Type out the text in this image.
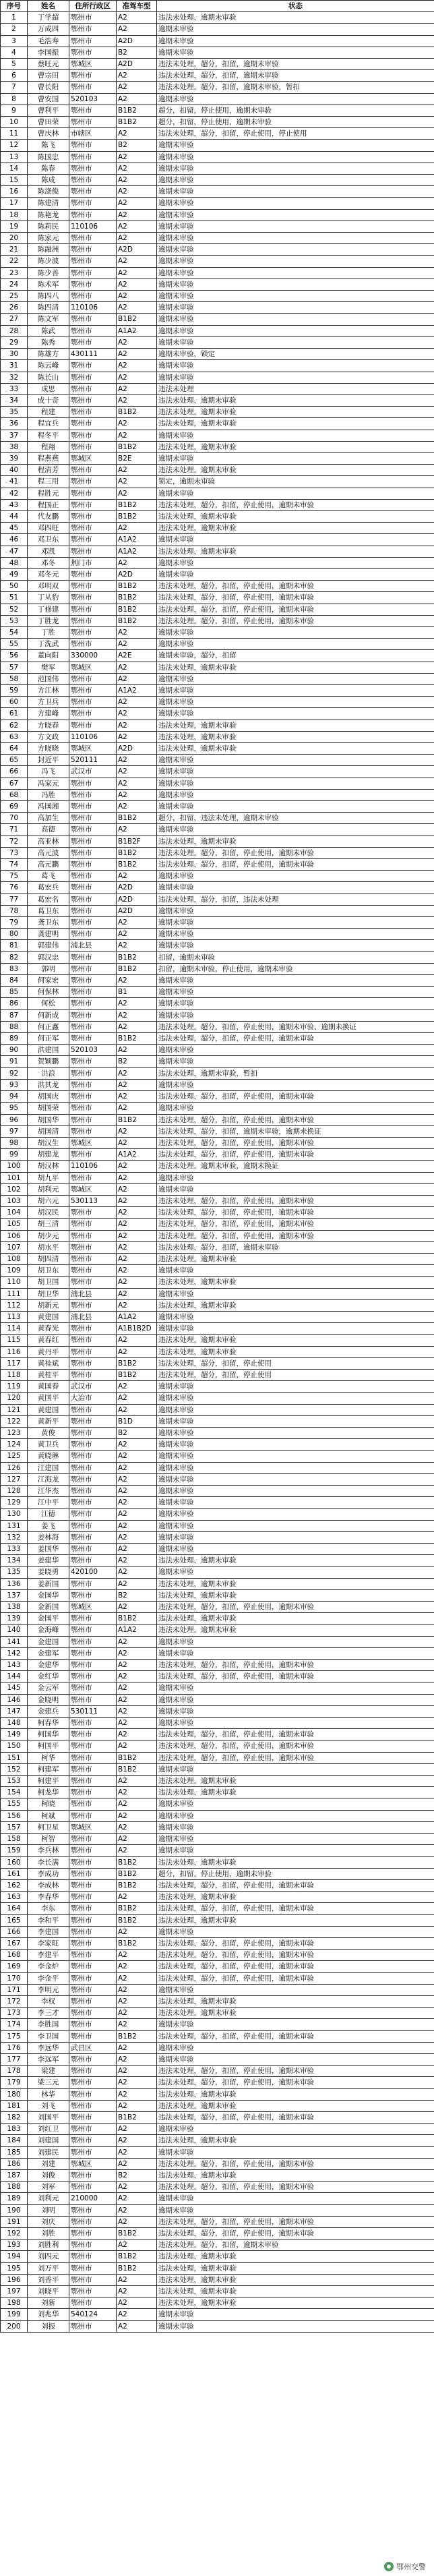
序号	姓名	住所行政区	准驾车型	状态
1	丁学超	鄂州市	A2	违法未处理，逾期未审验
2	万成四	鄂州市	A2	逾期未审验
3	毛浩寿	鄂州市	A2D	逾期未审验
4	李国振	鄂州市	B2	逾期未审验
5	蔡旺元	鄂城区	A2D	违法未处理，超分，扣留，逾期未审验
6	曹宗田	鄂州市	A2	违法未处理，超分，扣留，逾期未审验
7	曹长阳	鄂州市	A2	违法未处理，超分，扣留，逾期未审验，暂扣
8	曹安国	520103	A2	逾期未审验
9	曹利平	鄂州市	B1B2	超分，扣留，停止使用，逾期未审验
10	曹田荣	鄂州市	B1B2	超分，扣留，停止使用，逾期未审验
11	曹庆林	市辖区	A2	违法未处理，超分，扣留，停止使用，停止使用
12	陈飞	鄂州市	B2	逾期未审验
13	陈国忠	鄂州市	A2	逾期未审验
14	陈春	鄂州市	A2	逾期未审验
15	陈成	鄂州市	A2	逾期未审验
16	陈涤俊	鄂州市	A2	逾期未审验
17	陈建清	鄂州市	A2	逾期未审验
18	陈艳龙	鄂州市	A2	逾期未审验
19	陈莉民	110106	A2	逾期未审验
20	陈家元	鄂州市	A2	逾期未审验
21	陈融洲	鄂州市	A2D	逾期未审验
22	陈少波	鄂州市	A2	逾期未审验
23	陈少善	鄂州市	A2	逾期未审验
24	陈术军	鄂州市	A2	逾期未审验
25	陈四八	鄂州市	A2	逾期未审验
26	陈四清	110106	A2	逾期未审验
27	陈文军	鄂州市	B1B2	逾期未审验
28	陈武	鄂州市	A1A2	逾期未审验
29	陈秀	鄂州市	A2	逾期未审验
30	陈雄方	430111	A2	逾期未审验，锁定
31	陈云峰	鄂州市	A2	逾期未审验
32	陈长山	鄂州市	A2	逾期未审验
33	成思	鄂州市	A2	违法未处理
34	成十奇	鄂州市	A2	违法未处理，逾期未审验
35	程建	鄂州市	B1B2	违法未处理，逾期未审验
36	程宜兵	鄂州市	A2	违法未处理，逾期未审验
37	程冬平	鄂州市	A2	逾期未审验
38	程翔	鄂州市	B1B2	违法未处理，逾期未审验
39	程燕燕	鄂城区	B2E	逾期未审验
40	程清芳	鄂州市	A2	违法未处理，逾期未审验
41	程三用	鄂州市	A2	锁定，逾期未审验
42	程胜元	鄂州市	A2	逾期未审验
43	程国正	鄂州市	B1B2	违法未处理，超分，扣留，停止使用，逾期未审验
44	代友鹏	鄂州市	B1B2	违法未处理，逾期未审验
45	邓四旺	鄂州市	A2	违法未处理，逾期未审验
46	邓卫东	鄂州市	A1A2	逾期未审验
47	邓凯	鄂州市	A1A2	违法未处理，逾期未审验
48	邓冬	荆门市	A2	逾期未审验
49	邓冬元	鄂州市	A2D	逾期未审验
50	邓明双	鄂州市	B1B2	违法未处理，超分，扣留，停止使用，逾期未审验
51	丁从豹	鄂州市	B1B2	违法未处理，超分，扣留，停止使用，逾期未审验
52	丁修建	鄂州市	B1B2	违法未处理，超分，扣留，停止使用，逾期未审验
53	丁胜龙	鄂州市	B1B2	违法未处理，超分，扣留，停止使用，逾期未审验
54	丁胜	鄂州市	A2	逾期未审验
55	丁洗武	鄂州市	A2	逾期未审验
56	董向阳	330000	A2E	逾期未审验，超分，扣留
57	樊军	鄂城区	A2	违法未处理，逾期未审验
58	范国伟	鄂州市	A2	逾期未审验
59	方江林	鄂州市	A1A2	逾期未审验
60	方卫兵	鄂州市	A2	逾期未审验
61	方建峰	鄂州市	A2	逾期未审验
62	方晓春	鄂州市	A2	违法未处理，逾期未审验
63	方文政	110106	A2	违法未处理，逾期未审验
64	方晓晓	鄂城区	A2D	违法未处理，逾期未审验
65	封近平	520111	A2	逾期未审验
66	冯飞	武汉市	A2	逾期未审验
67	冯家元	鄂州市	A2	逾期未审验
68	冯胜	鄂州市	A2	逾期未审验
69	冯国湘	鄂州市	A2	逾期未审验
70	高加生	鄂州市	B1B2	超分，扣留，违法未处理，逾期未审验
71	高德	鄂州市	A2	逾期未审验
72	高亚林	鄂州市	B1B2F	违法未处理，逾期未审验
73	高元波	鄂州市	B1B2	违法未处理，超分，扣留，停止使用，逾期未审验
74	高元鹏	鄂州市	B1B2	违法未处理，超分，扣留，停止使用，逾期未审验
75	葛飞	鄂州市	A2	逾期未审验
76	葛宏兵	鄂州市	A2D	逾期未审验
77	葛宏名	鄂州市	A2D	违法未处理，超分，扣留，违法未处理
78	葛卫东	鄂州市	A2D	逾期未审验
79	龚卫东	鄂州市	A2	逾期未审验
80	龚建明	鄂州市	A2	逾期未审验
81	郭建伟	浦北县	A2	逾期未审验
82	郭汉忠	鄂州市	B1B2	扣留，逾期未审验
83	郭明	鄂州市	B1B2	扣留，逾期未审验，停止使用，逾期未审验
84	何家宏	鄂州市	A2	逾期未审验
85	何保林	鄂州市	B1	逾期未审验
86	何松	鄂州市	A2	逾期未审验
87	何新成	鄂州市	A2	逾期未审验
88	何正鑫	鄂州市	A2	违法未处理，超分，扣留，停止使用，逾期未审验，逾期未换证
89	何正军	鄂州市	B1B2	违法未处理，超分，扣留，停止使用，逾期未审验
90	洪建国	520103	A2	逾期未审验
91	贺颖鹏	鄂州市	B2	逾期未审验
92	洪浪	鄂州市	A2	违法未处理，逾期未审验，暂扣
93	洪其龙	鄂州市	A2	逾期未审验
94	胡国庆	鄂州市	A2	违法未处理，超分，扣留，停止使用，逾期未审验
95	胡国荣	鄂州市	A2	逾期未审验
96	胡国华	鄂州市	B1B2	违法未处理，超分，扣留，停止使用，逾期未审验
97	胡国清	鄂州市	A2	违法未处理，超分，扣留，逾期未审验，逾期未换证
98	胡汉生	鄂城区	A2	违法未处理，超分，扣留，停止使用，逾期未审验
99	胡建龙	鄂州市	A1A2	违法未处理，超分，扣留，停止使用，逾期未审验
100	胡汉林	110106	A2	违法未处理，逾期未审验，逾期未换证
101	胡九平	鄂州市	A2	逾期未审验
102	胡利元	鄂城区	A2	逾期未审验
103	胡六元	530113	A2	违法未处理，超分，扣留，停止使用，逾期未审验
104	胡汉民	鄂州市	A2	违法未处理，超分，扣留，停止使用，逾期未审验
105	胡三清	鄂州市	A2	违法未处理，超分，扣留，停止使用，逾期未审验
106	胡少元	鄂州市	A2	违法未处理，超分，扣留，停止使用，逾期未审验
107	胡水平	鄂州市	A2	违法未处理，超分，扣留，逾期未审验
108	胡四清	鄂州市	A2	违法未处理，逾期未审验
109	胡卫东	鄂州市	A2	逾期未审验
110	胡卫国	鄂州市	A2	违法未处理，逾期未审验
111	胡卫华	浦北县	A2	逾期未审验
112	胡新元	鄂州市	A2	违法未处理，逾期未审验
113	黄建国	浦北县	A1A2	逾期未审验
114	黄春光	鄂州市	A1B1B2D	逾期未审验
115	黄春红	鄂州市	A2	违法未处理，逾期未审验
116	黄丹平	鄂州市	A2	违法未处理，逾期未审验
117	黄桂斌	鄂州市	B1B2	违法未处理，超分，扣留，停止使用
118	黄桂平	鄂州市	B1B2	违法未处理，超分，扣留，停止使用
119	黄国春	武汉市	A2	逾期未审验
120	黄国平	大冶市	A2	逾期未审验
121	黄建国	鄂州市	A2	逾期未审验
122	黄新平	鄂州市	B1D	逾期未审验
123	黄俊	鄂州市	B2	逾期未审验
124	黄卫兵	鄂州市	A2	逾期未审验
125	黄晓琳	鄂州市	A2	逾期未审验
126	江建国	鄂州市	A2	逾期未审验
127	江海龙	鄂州市	A2	逾期未审验
128	江华杰	鄂州市	A2	逾期未审验
129	江中平	鄂州市	A2	逾期未审验
130	江德	鄂州市	A2	逾期未审验
131	姜飞	鄂州市	A2	逾期未审验
132	姜林海	鄂州市	A2	逾期未审验
133	姜国华	鄂州市	A2	逾期未审验
134	姜建华	鄂州市	A2	违法未处理，逾期未审验
135	姜晓勇	420100	A2	逾期未审验
136	姜新国	鄂州市	A2	违法未处理，逾期未审验
137	金国华	鄂州市	B2	违法未处理，逾期未审验
138	金新国	鄂城区	A2	违法未处理，超分，扣留，停止使用，逾期未审验
139	金国平	鄂州市	B1B2	违法未处理，逾期未审验
140	金海峰	鄂州市	A1A2	违法未处理，逾期未审验
141	金建国	鄂州市	A2	逾期未审验
142	金建军	鄂州市	A2	逾期未审验
143	金建华	鄂州市	A2	违法未处理，超分，扣留，停止使用，逾期未审验
144	金红华	鄂州市	A2	违法未处理，超分，扣留，停止使用，逾期未审验
145	金云军	鄂州市	A2	逾期未审验
146	金晓明	鄂州市	A2	逾期未审验
147	金建兵	530111	A2	逾期未审验
148	柯春华	鄂州市	A2	逾期未审验
149	柯国华	鄂州市	A2	违法未处理，超分，扣留，停止使用，逾期未审验
150	柯国平	鄂州市	A2	违法未处理，超分，扣留，停止使用，逾期未审验
151	柯华	鄂州市	B1B2	违法未处理，超分，扣留，停止使用，逾期未审验
152	柯建军	鄂州市	B1B2	逾期未审验
153	柯建平	鄂州市	A2	违法未处理，逾期未审验
154	柯龙华	鄂州市	A2	违法未处理，逾期未审验
155	柯晓	鄂州市	A2	逾期未审验
156	柯斌	鄂州市	A2	逾期未审验
157	柯卫星	鄂城区	A2	逾期未审验
158	柯智	鄂州市	A2	逾期未审验
159	李兵林	鄂州市	A2	逾期未审验
160	李长满	鄂州市	B1B2	违法未处理，逾期未审验
161	李成功	鄂州市	B1B2	超分，扣留，停止使用，逾期未审验
162	李成林	鄂州市	B1B2	违法未处理，超分，扣留，停止使用，逾期未审验
163	李春华	鄂州市	A2	违法未处理，逾期未审验
164	李东	鄂州市	B1B2	违法未处理，超分，扣留，停止使用，逾期未审验
165	李和平	鄂州市	B1B2	违法未处理，逾期未审验
166	李建国	鄂州市	A2	逾期未审验
167	李家旺	鄂州市	B1B2	违法未处理，超分，扣留，停止使用，逾期未审验
168	李建平	鄂州市	A2	违法未处理，超分，扣留，停止使用，逾期未审验
169	李金炉	鄂州市	A2	违法未处理，超分，扣留，停止使用，逾期未审验
170	李金平	鄂州市	A2	违法未处理，超分，扣留，停止使用，逾期未审验
171	李明元	鄂州市	A2	逾期未审验
172	李权	鄂州市	A2	违法未处理，逾期未审验
173	李三才	鄂州市	A2	违法未处理，逾期未审验
174	李胜国	鄂州市	A2	逾期未审验
175	李卫国	鄂州市	B1B2	违法未处理，超分，扣留，停止使用，逾期未审验
176	李远华	武昌区	A2	逾期未审验
177	李远军	鄂州市	A2	逾期未审验
178	梁建	鄂州市	A2	违法未处理，超分，扣留，停止使用，逾期未审验
179	梁三元	鄂州市	A2	违法未处理，超分，扣留，停止使用，逾期未审验
180	林华	鄂州市	A2	违法未处理，逾期未审验
181	刘飞	鄂州市	A2	违法未处理，逾期未审验
182	刘国平	鄂州市	B1B2	违法未处理，超分，扣留，停止使用，逾期未审验
183	刘红卫	鄂州市	A2	逾期未审验
184	刘建国	鄂州市	A2	违法未处理，逾期未审验
185	刘建民	鄂州市	A2	逾期未审验
186	刘建	鄂城区	A2	违法未处理，超分，扣留，停止使用，逾期未审验
187	刘俊	鄂州市	B2	违法未处理，逾期未审验
188	刘军	鄂州市	A2	违法未处理，超分，扣留，停止使用，逾期未审验
189	刘利元	210000	A2	逾期未审验
190	刘明	鄂州市	A2	逾期未审验
191	刘庆	鄂州市	A2	违法未处理，超分，扣留，停止使用，逾期未审验
192	刘胜	鄂州市	B1B2	违法未处理，超分，扣留，停止使用，逾期未审验
193	刘胜利	鄂州市	A2	违法未处理，超分，扣留，逾期未审验
194	刘四元	鄂州市	B1B2	违法未处理，逾期未审验
195	刘万平	鄂州市	B1B2	违法未处理，逾期未审验
196	刘香平	鄂州市	A2	违法未处理，逾期未审验
197	刘晓平	鄂州市	A2	违法未处理，逾期未审验
198	刘新	鄂州市	A2	违法未处理，逾期未审验
199	刘兆华	540124	A2	逾期未审验
200	刘振	鄂州市	A2	逾期未审验
鄂州交警
